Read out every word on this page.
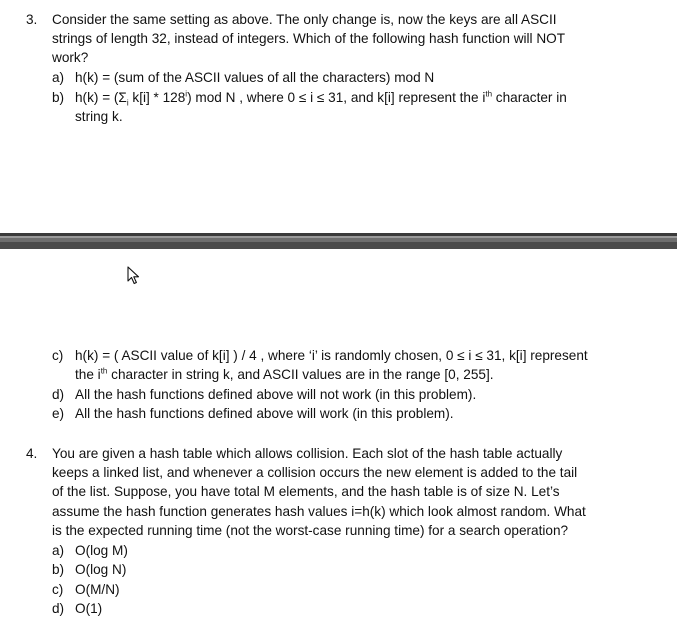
3. Consider the same setting as above. The only change is, now the keys are all ASCII
strings of length 32, instead of integers. Which of the following hash function will NOT
work?
a) h(k) = (sum of the ASCII values of all the characters) mod N
b) $h(k) = (\Sigma_i$ k[i] * 128$^i$) mod N , where 0 ≤ i ≤ 31, and k[i] represent the $i^{th}$ character in
string k.
c) h(k) = ( ASCII value of k[i] ) / 4 , where ‘i’ is randomly chosen, 0 ≤ i ≤ 31, k[i] represent
the $i^{th}$ character in string k, and ASCII values are in the range [0, 255].
d) All the hash functions defined above will not work (in this problem).
e) All the hash functions defined above will work (in this problem).
4. You are given a hash table which allows collision. Each slot of the hash table actually
keeps a linked list, and whenever a collision occurs the new element is added to the tail
of the list. Suppose, you have total M elements, and the hash table is of size N. Let’s
assume the hash function generates hash values i=h(k) which look almost random. What
is the expected running time (not the worst-case running time) for a search operation?
a) O(log M)
b) O(log N)
c) O(M/N)
d) O(1)
